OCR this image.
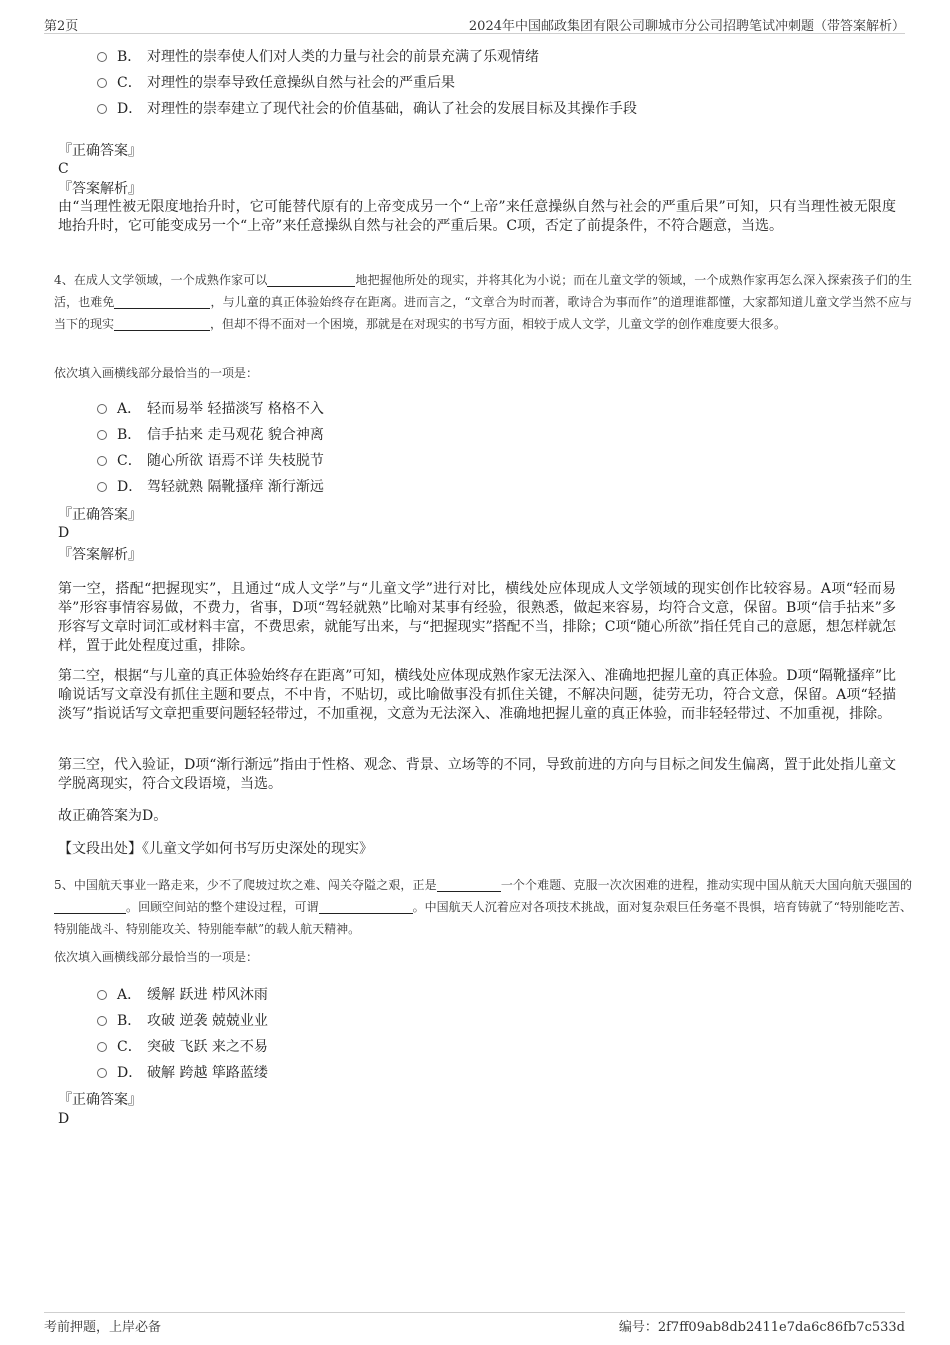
第2页	2024年中国邮政集团有限公司聊城市分公司招聘笔试冲刺题（带答案解析）
B． 对理性的崇奉使人们对人类的力量与社会的前景充满了乐观情绪
C． 对理性的崇奉导致任意操纵自然与社会的严重后果
D． 对理性的崇奉建立了现代社会的价值基础，确认了社会的发展目标及其操作手段
『正确答案』
C
『答案解析』
由“当理性被无限度地抬升时，它可能替代原有的上帝变成另一个“上帝”来任意操纵自然与社会的严重后果”可知，只有当理性被无限度地抬升时，它可能变成另一个“上帝”来任意操纵自然与社会的严重后果。C项，否定了前提条件，不符合题意，当选。
4、在成人文学领域，一个成熟作家可以	地把握他所处的现实，并将其化为小说；而在儿童文学的领域，一个成熟作家再怎么深入探索孩子们的生活，也难免	，与儿童的真正体验始终存在距离。进而言之，“文章合为时而著，歌诗合为事而作”的道理谁都懂，大家都知道儿童文学当然不应与当下的现实	，但却不得不面对一个困境，那就是在对现实的书写方面，相较于成人文学，儿童文学的创作难度要大很多。
依次填入画横线部分最恰当的一项是：
A． 轻而易举 轻描淡写 格格不入
B． 信手拈来 走马观花 貌合神离
C． 随心所欲 语焉不详 失枝脱节
D． 驾轻就熟 隔靴搔痒 渐行渐远
『正确答案』
D
『答案解析』
第一空，搭配“把握现实”，且通过“成人文学”与“儿童文学”进行对比，横线处应体现成人文学领域的现实创作比较容易。A项“轻而易举”形容事情容易做，不费力，省事，D项“驾轻就熟”比喻对某事有经验，很熟悉，做起来容易，均符合文意，保留。B项“信手拈来”多形容写文章时词汇或材料丰富，不费思索，就能写出来，与“把握现实”搭配不当，排除；C项“随心所欲”指任凭自己的意愿，想怎样就怎样，置于此处程度过重，排除。
第二空，根据“与儿童的真正体验始终存在距离”可知，横线处应体现成熟作家无法深入、准确地把握儿童的真正体验。D项“隔靴搔痒”比喻说话写文章没有抓住主题和要点，不中肯，不贴切，或比喻做事没有抓住关键，不解决问题，徒劳无功，符合文意，保留。A项“轻描淡写”指说话写文章把重要问题轻轻带过，不加重视，文意为无法深入、准确地把握儿童的真正体验，而非轻轻带过、不加重视，排除。
第三空，代入验证，D项“渐行渐远”指由于性格、观念、背景、立场等的不同，导致前进的方向与目标之间发生偏离，置于此处指儿童文学脱离现实，符合文段语境，当选。
故正确答案为D。
【文段出处】《儿童文学如何书写历史深处的现实》
5、中国航天事业一路走来，少不了爬坡过坎之难、闯关夺隘之艰，正是	一个个难题、克服一次次困难的进程，推动实现中国从航天大国向航天强国的。回顾空间站的整个建设过程，可谓	。中国航天人沉着应对各项技术挑战，面对复杂艰巨任务毫不畏惧，培育铸就了“特别能吃苦、特别能战斗、特别能攻关、特别能奉献”的载人航天精神。
依次填入画横线部分最恰当的一项是：
A． 缓解 跃进 栉风沐雨
B． 攻破 逆袭 兢兢业业
C． 突破 飞跃 来之不易
D． 破解 跨越 筚路蓝缕
『正确答案』
D
考前押题，上岸必备	编号：2f7ff09ab8db2411e7da6c86fb7c533d
